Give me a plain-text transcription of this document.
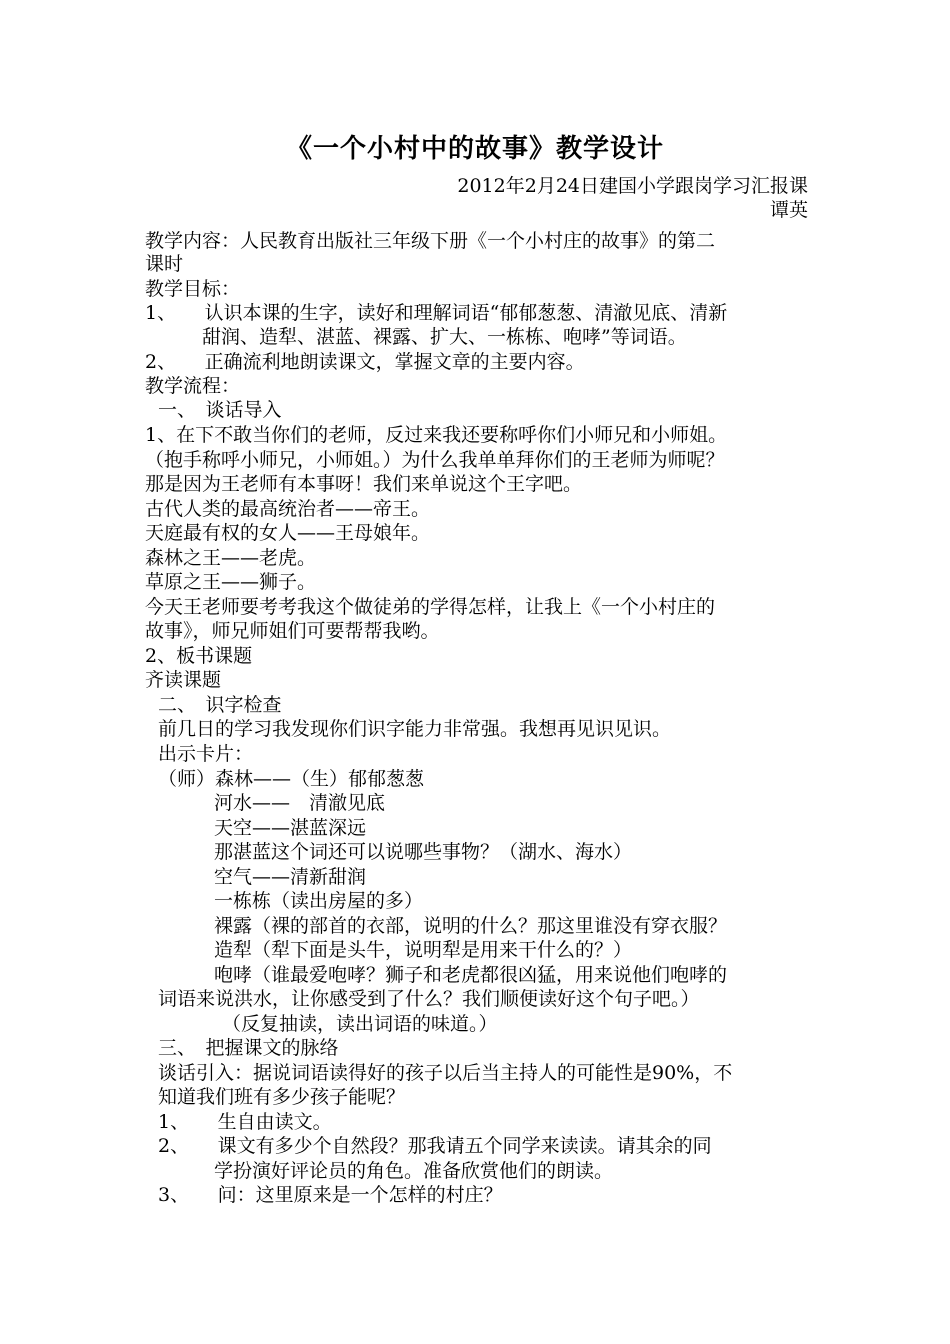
《一个小村中的故事》教学设计
2012年2月24日建国小学跟岗学习汇报课
谭英
教学内容：人民教育出版社三年级下册《一个小村庄的故事》的第二
课时
教学目标：
1、　　认识本课的生字，读好和理解词语“郁郁葱葱、清澈见底、清新
甜润、造犁、湛蓝、裸露、扩大、一栋栋、咆哮”等词语。
2、　　正确流利地朗读课文，掌握文章的主要内容。
教学流程：
一、　谈话导入
1、在下不敢当你们的老师，反过来我还要称呼你们小师兄和小师姐。
（抱手称呼小师兄，小师姐。）为什么我单单拜你们的王老师为师呢？
那是因为王老师有本事呀！我们来单说这个王字吧。
古代人类的最高统治者——帝王。
天庭最有权的女人——王母娘年。
森林之王——老虎。
草原之王——狮子。
今天王老师要考考我这个做徒弟的学得怎样，让我上《一个小村庄的
故事》，师兄师姐们可要帮帮我哟。
2、板书课题
齐读课题
二、　识字检查
前几日的学习我发现你们识字能力非常强。我想再见识见识。
出示卡片：
（师）森林——（生）郁郁葱葱
河水——　清澈见底
天空——湛蓝深远
那湛蓝这个词还可以说哪些事物？（湖水、海水）
空气——清新甜润
一栋栋（读出房屋的多）
裸露（裸的部首的衣部，说明的什么？那这里谁没有穿衣服？
造犁（犁下面是头牛，说明犁是用来干什么的？）
咆哮（谁最爱咆哮？狮子和老虎都很凶猛，用来说他们咆哮的
词语来说洪水，让你感受到了什么？我们顺便读好这个句子吧。）
（反复抽读，读出词语的味道。）
三、　把握课文的脉络
谈话引入：据说词语读得好的孩子以后当主持人的可能性是90%，不
知道我们班有多少孩子能呢？
1、　　生自由读文。
2、　　课文有多少个自然段？那我请五个同学来读读。请其余的同
学扮演好评论员的角色。准备欣赏他们的朗读。
3、　　问：这里原来是一个怎样的村庄？
